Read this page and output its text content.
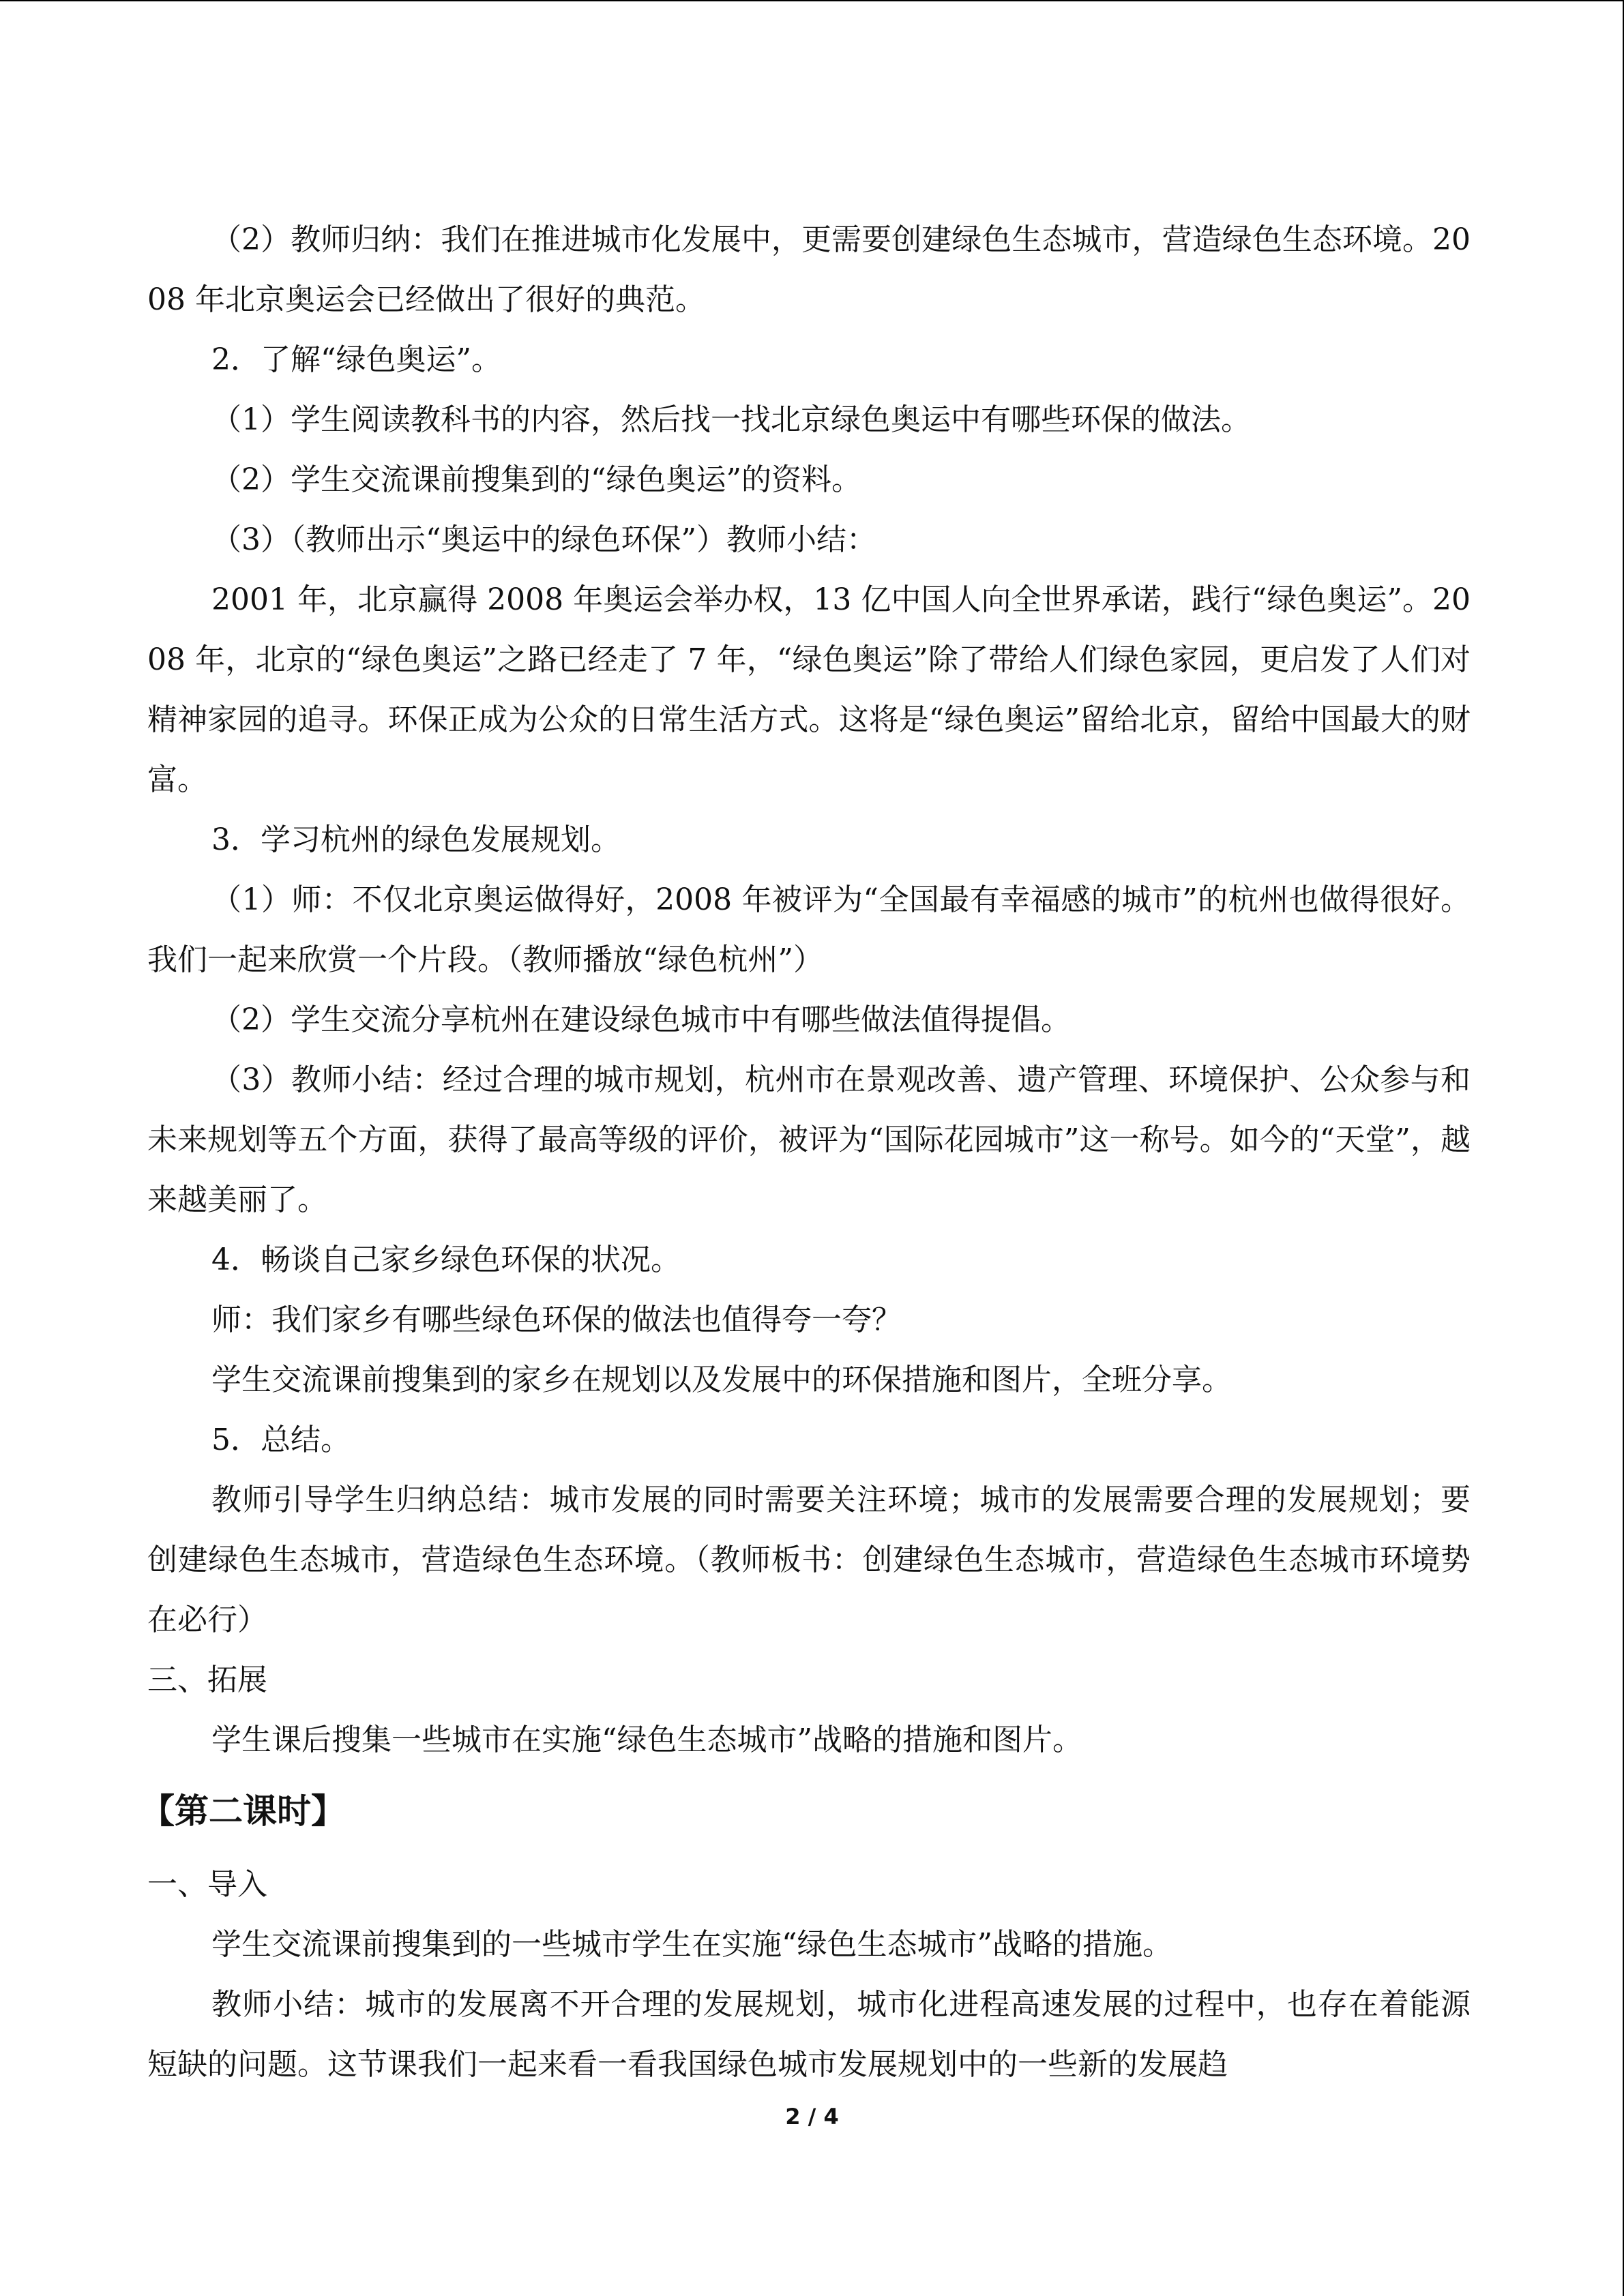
（2）教师归纳：我们在推进城市化发展中，更需要创建绿色生态城市，营造绿色生态环境。2008 年北京奥运会已经做出了很好的典范。

2．了解“绿色奥运”。

（1）学生阅读教科书的内容，然后找一找北京绿色奥运中有哪些环保的做法。

（2）学生交流课前搜集到的“绿色奥运”的资料。

（3）（教师出示“奥运中的绿色环保”）教师小结：

2001 年，北京赢得 2008 年奥运会举办权，13 亿中国人向全世界承诺，践行“绿色奥运”。2008 年，北京的“绿色奥运”之路已经走了 7 年，“绿色奥运”除了带给人们绿色家园，更启发了人们对精神家园的追寻。环保正成为公众的日常生活方式。这将是“绿色奥运”留给北京，留给中国最大的财富。

3．学习杭州的绿色发展规划。

（1）师：不仅北京奥运做得好，2008 年被评为“全国最有幸福感的城市”的杭州也做得很好。我们一起来欣赏一个片段。（教师播放“绿色杭州”）

（2）学生交流分享杭州在建设绿色城市中有哪些做法值得提倡。

（3）教师小结：经过合理的城市规划，杭州市在景观改善、遗产管理、环境保护、公众参与和未来规划等五个方面，获得了最高等级的评价，被评为“国际花园城市”这一称号。如今的“天堂”，越来越美丽了。

4．畅谈自己家乡绿色环保的状况。

师：我们家乡有哪些绿色环保的做法也值得夸一夸？

学生交流课前搜集到的家乡在规划以及发展中的环保措施和图片，全班分享。

5．总结。

教师引导学生归纳总结：城市发展的同时需要关注环境；城市的发展需要合理的发展规划；要创建绿色生态城市，营造绿色生态环境。（教师板书：创建绿色生态城市，营造绿色生态城市环境势在必行）

三、拓展

学生课后搜集一些城市在实施“绿色生态城市”战略的措施和图片。

【第二课时】

一、导入

学生交流课前搜集到的一些城市学生在实施“绿色生态城市”战略的措施。

教师小结：城市的发展离不开合理的发展规划，城市化进程高速发展的过程中，也存在着能源短缺的问题。这节课我们一起来看一看我国绿色城市发展规划中的一些新的发展趋

2 / 4
